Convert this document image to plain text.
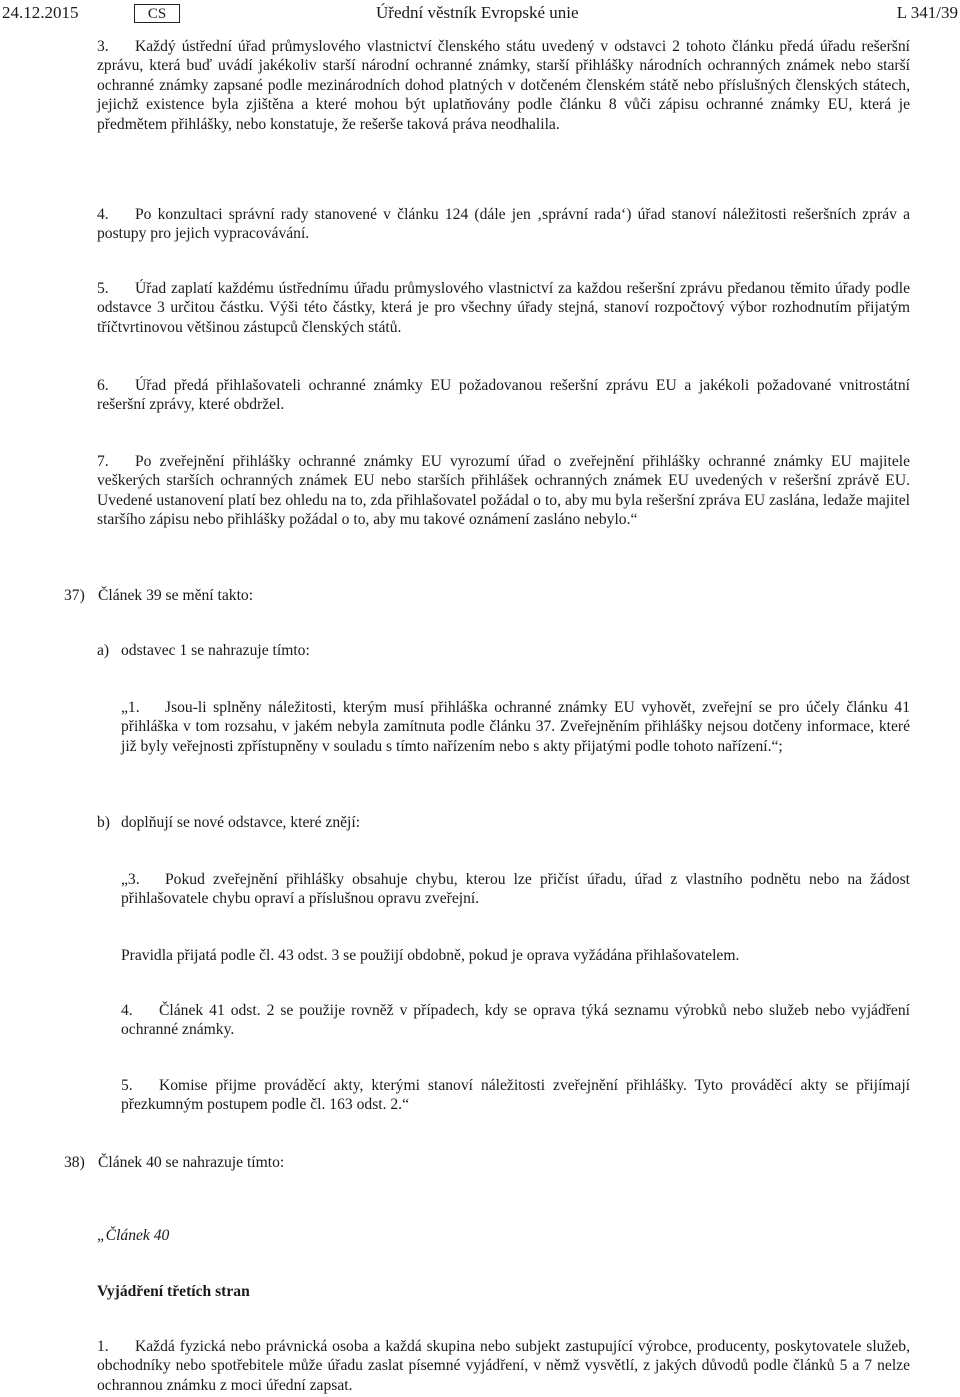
24.12.2015	CS	Úřední věstník Evropské unie	L 341/39
3. Každý ústřední úřad průmyslového vlastnictví členského státu uvedený v odstavci 2 tohoto článku předá úřadu rešeršní zprávu, která buď uvádí jakékoliv starší národní ochranné známky, starší přihlášky národních ochranných známek nebo starší ochranné známky zapsané podle mezinárodních dohod platných v dotčeném členském státě nebo příslušných členských státech, jejichž existence byla zjištěna a které mohou být uplatňovány podle článku 8 vůči zápisu ochranné známky EU, která je předmětem přihlášky, nebo konstatuje, že rešerše taková práva neodhalila.
4. Po konzultaci správní rady stanovené v článku 124 (dále jen ‚správní rada‘) úřad stanoví náležitosti rešeršních zpráv a postupy pro jejich vypracovávání.
5. Úřad zaplatí každému ústřednímu úřadu průmyslového vlastnictví za každou rešeršní zprávu předanou těmito úřady podle odstavce 3 určitou částku. Výši této částky, která je pro všechny úřady stejná, stanoví rozpočtový výbor rozhodnutím přijatým tříčtvrtinovou většinou zástupců členských států.
6. Úřad předá přihlašovateli ochranné známky EU požadovanou rešeršní zprávu EU a jakékoli požadované vnitrostátní rešeršní zprávy, které obdržel.
7. Po zveřejnění přihlášky ochranné známky EU vyrozumí úřad o zveřejnění přihlášky ochranné známky EU majitele veškerých starších ochranných známek EU nebo starších přihlášek ochranných známek EU uvedených v rešeršní zprávě EU. Uvedené ustanovení platí bez ohledu na to, zda přihlašovatel požádal o to, aby mu byla rešeršní zpráva EU zaslána, ledaže majitel staršího zápisu nebo přihlášky požádal o to, aby mu takové oznámení zasláno nebylo.“
37) Článek 39 se mění takto:
a) odstavec 1 se nahrazuje tímto:
„1. Jsou-li splněny náležitosti, kterým musí přihláška ochranné známky EU vyhovět, zveřejní se pro účely článku 41 přihláška v tom rozsahu, v jakém nebyla zamítnuta podle článku 37. Zveřejněním přihlášky nejsou dotčeny informace, které již byly veřejnosti zpřístupněny v souladu s tímto nařízením nebo s akty přijatými podle tohoto nařízení.“;
b) doplňují se nové odstavce, které znějí:
„3. Pokud zveřejnění přihlášky obsahuje chybu, kterou lze přičíst úřadu, úřad z vlastního podnětu nebo na žádost přihlašovatele chybu opraví a příslušnou opravu zveřejní.
Pravidla přijatá podle čl. 43 odst. 3 se použijí obdobně, pokud je oprava vyžádána přihlašovatelem.
4. Článek 41 odst. 2 se použije rovněž v případech, kdy se oprava týká seznamu výrobků nebo služeb nebo vyjádření ochranné známky.
5. Komise přijme prováděcí akty, kterými stanoví náležitosti zveřejnění přihlášky. Tyto prováděcí akty se přijímají přezkumným postupem podle čl. 163 odst. 2.“
38) Článek 40 se nahrazuje tímto:
„Článek 40
Vyjádření třetích stran
1. Každá fyzická nebo právnická osoba a každá skupina nebo subjekt zastupující výrobce, producenty, poskytovatele služeb, obchodníky nebo spotřebitele může úřadu zaslat písemné vyjádření, v němž vysvětlí, z jakých důvodů podle článků 5 a 7 nelze ochrannou známku z moci úřední zapsat.
